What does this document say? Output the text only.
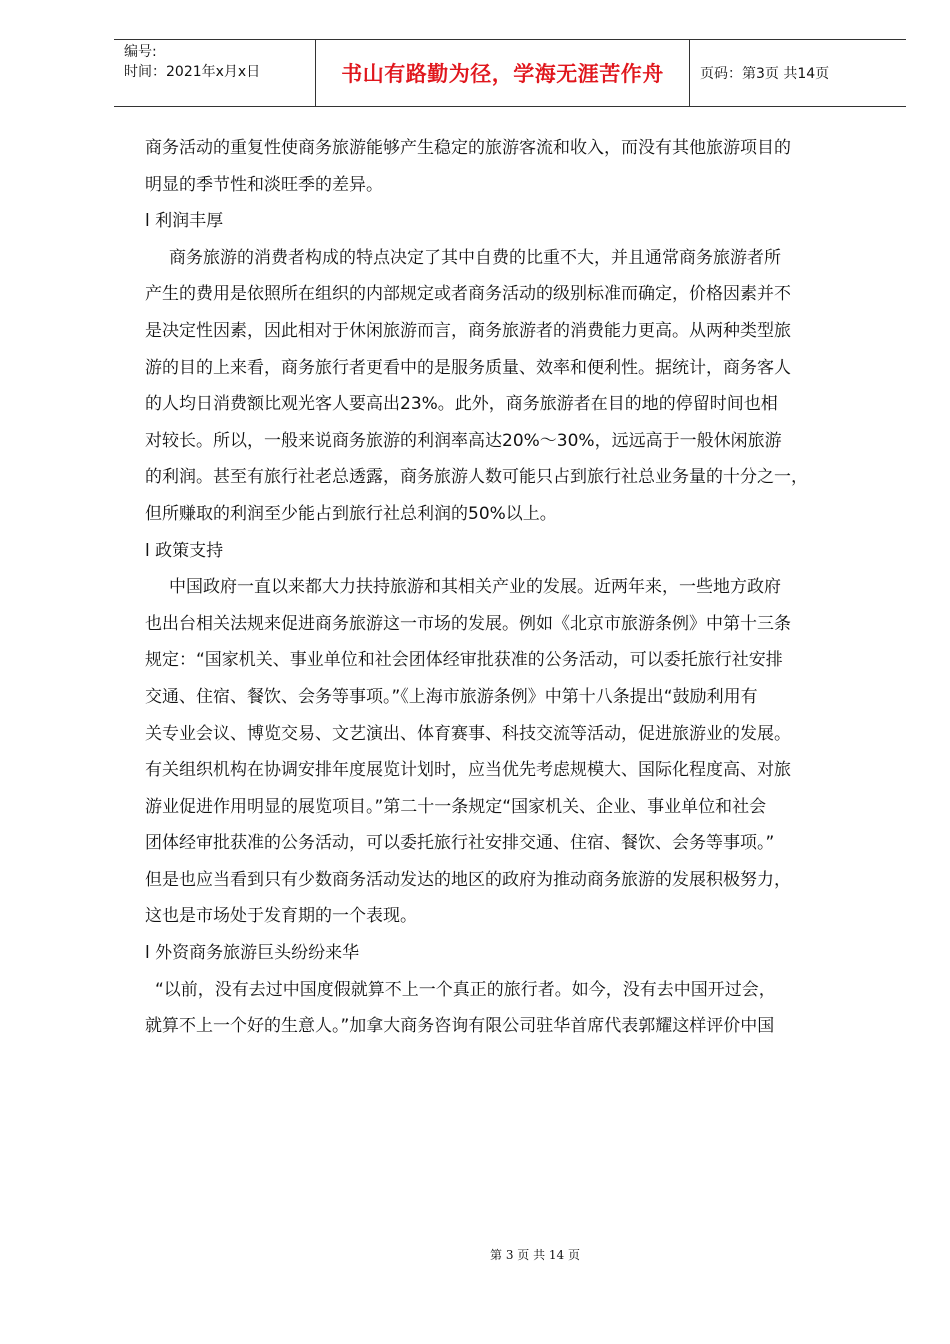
编号:
时间：2021年x月x日	书山有路勤为径，学海无涯苦作舟	页码：第3页 共14页
商务活动的重复性使商务旅游能够产生稳定的旅游客流和收入，而没有其他旅游项目的
明显的季节性和淡旺季的差异。
l 利润丰厚
商务旅游的消费者构成的特点决定了其中自费的比重不大，并且通常商务旅游者所
产生的费用是依照所在组织的内部规定或者商务活动的级别标准而确定，价格因素并不
是决定性因素，因此相对于休闲旅游而言，商务旅游者的消费能力更高。从两种类型旅
游的目的上来看，商务旅行者更看中的是服务质量、效率和便利性。据统计，商务客人
的人均日消费额比观光客人要高出23%。此外，商务旅游者在目的地的停留时间也相
对较长。所以，一般来说商务旅游的利润率高达20%～30%，远远高于一般休闲旅游
的利润。甚至有旅行社老总透露，商务旅游人数可能只占到旅行社总业务量的十分之一，
但所赚取的利润至少能占到旅行社总利润的50%以上。
l 政策支持
中国政府一直以来都大力扶持旅游和其相关产业的发展。近两年来，一些地方政府
也出台相关法规来促进商务旅游这一市场的发展。例如《北京市旅游条例》中第十三条
规定：“国家机关、事业单位和社会团体经审批获准的公务活动，可以委托旅行社安排
交通、住宿、餐饮、会务等事项。”《上海市旅游条例》中第十八条提出“鼓励利用有
关专业会议、博览交易、文艺演出、体育赛事、科技交流等活动，促进旅游业的发展。
有关组织机构在协调安排年度展览计划时，应当优先考虑规模大、国际化程度高、对旅
游业促进作用明显的展览项目。”第二十一条规定“国家机关、企业、事业单位和社会
团体经审批获准的公务活动，可以委托旅行社安排交通、住宿、餐饮、会务等事项。”
但是也应当看到只有少数商务活动发达的地区的政府为推动商务旅游的发展积极努力，
这也是市场处于发育期的一个表现。
l 外资商务旅游巨头纷纷来华
“以前，没有去过中国度假就算不上一个真正的旅行者。如今，没有去中国开过会，
就算不上一个好的生意人。”加拿大商务咨询有限公司驻华首席代表郭耀这样评价中国
第 3 页 共 14 页
